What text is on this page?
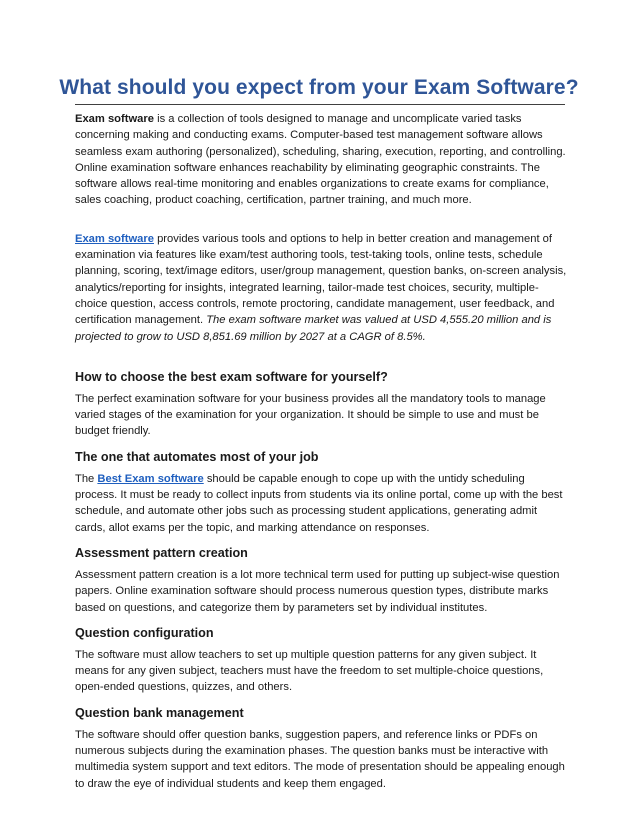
What should you expect from your Exam Software?

Exam software is a collection of tools designed to manage and uncomplicate varied tasks concerning making and conducting exams. Computer-based test management software allows seamless exam authoring (personalized), scheduling, sharing, execution, reporting, and controlling. Online examination software enhances reachability by eliminating geographic constraints. The software allows real-time monitoring and enables organizations to create exams for compliance, sales coaching, product coaching, certification, partner training, and much more.

Exam software provides various tools and options to help in better creation and management of examination via features like exam/test authoring tools, test-taking tools, online tests, schedule planning, scoring, text/image editors, user/group management, question banks, on-screen analysis, analytics/reporting for insights, integrated learning, tailor-made test choices, security, multiple-choice question, access controls, remote proctoring, candidate management, user feedback, and certification management. The exam software market was valued at USD 4,555.20 million and is projected to grow to USD 8,851.69 million by 2027 at a CAGR of 8.5%.

How to choose the best exam software for yourself?

The perfect examination software for your business provides all the mandatory tools to manage varied stages of the examination for your organization. It should be simple to use and must be budget friendly.

The one that automates most of your job

The Best Exam software should be capable enough to cope up with the untidy scheduling process. It must be ready to collect inputs from students via its online portal, come up with the best schedule, and automate other jobs such as processing student applications, generating admit cards, allot exams per the topic, and marking attendance on responses.

Assessment pattern creation

Assessment pattern creation is a lot more technical term used for putting up subject-wise question papers. Online examination software should process numerous question types, distribute marks based on questions, and categorize them by parameters set by individual institutes.

Question configuration

The software must allow teachers to set up multiple question patterns for any given subject. It means for any given subject, teachers must have the freedom to set multiple-choice questions, open-ended questions, quizzes, and others.

Question bank management

The software should offer question banks, suggestion papers, and reference links or PDFs on numerous subjects during the examination phases. The question banks must be interactive with multimedia system support and text editors. The mode of presentation should be appealing enough to draw the eye of individual students and keep them engaged.
